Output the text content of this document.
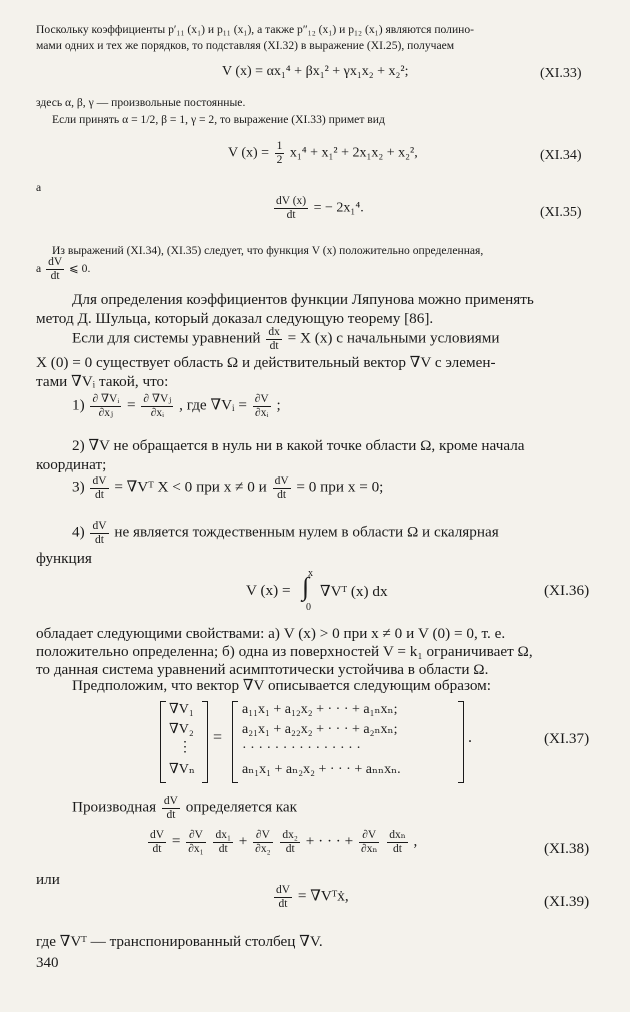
Поскольку коэффициенты p′₁₁ (x₁) и p₁₁ (x₁), а также p″₁₂ (x₁) и p₁₂ (x₁) являются полино-
мами одних и тех же порядков, то подставляя (XI.32) в выражение (XI.25), получаем
V (x) = αx₁⁴ + βx₁² + γx₁x₂ + x₂²;	(XI.33)
здесь α, β, γ — произвольные постоянные.
Если принять α = 1/2, β = 1, γ = 2, то выражение (XI.33) примет вид
V $(x) = \frac{1}{2} x_1^4 + x_1^2 + 2x_1x_2 + x_2^2$,	(XI.34)
а
$\frac{dV (x)}{dt}$ = − 2x₁⁴.	(XI.35)
Из выражений (XI.34), (XI.35) следует, что функция V (x) положительно определенная,
а $\frac{dV}{dt}$ ⩽ 0.
Для определения коэффициентов функции Ляпунова можно применять
метод Д. Шульца, который доказал следующую теорему [86].
Если для системы уравнений $\frac{dx}{dt} = X$ (x) с начальными условиями
X (0) = 0 существует область Ω и действительный вектор ∇V с элемен-
тами ∇Vᵢ такой, что:
$1) \frac{\text{∂ ∇Vᵢ}}{\text{∂xⱼ}} = \frac{\text{∂ ∇Vⱼ}}{\text{∂xᵢ}}$ , где ∇Vᵢ = $\frac{\partial V}{\text{∂xᵢ}}$ ;
2) ∇V не обращается в нуль ни в какой точке области Ω, кроме начала
координат;
$3) \frac{dV}{dt}$ = ∇Vᵀ X < 0 при x ≠ 0 и $\frac{dV}{dt} = 0$ при x = 0;
$4) \frac{dV}{dt}$ не является тождественным нулем в области Ω и скалярная
функция
V (x) =
x
∫
0
∇Vᵀ (x) dx	(XI.36)
обладает следующими свойствами: а) V (x) > 0 при x ≠ 0 и V (0) = 0, т. е.
положительно определенна; б) одна из поверхностей V = k₁ ограничивает Ω,
то данная система уравнений асимптотически устойчива в области Ω.
Предположим, что вектор ∇V описывается следующим образом:
∇V₁
∇V₂
⋮
∇Vₙ
=
a₁₁x₁ + a₁₂x₂ + · · · + a₁ₙxₙ;
a₂₁x₁ + a₂₂x₂ + · · · + a₂ₙxₙ;
· · · · · · · · · · · · · · ·
aₙ₁x₁ + aₙ₂x₂ + · · · + aₙₙxₙ.
.	(XI.37)
Производная $\frac{dV}{dt}$ определяется как
$\frac{dV}{dt} = \frac{\partial V}{\text{∂x₁}}$
$\frac{\text{dx₁}}{dt} + \frac{\partial V}{\text{∂x₂}}$
$\frac{\text{dx₂}}{dt}$ + · · · + $\frac{\partial V}{\text{∂xₙ}}$
$\frac{\text{dxₙ}}{dt}$ ,	(XI.38)
или
$\frac{dV}{dt}$ = ∇Vᵀẋ,	(XI.39)
где ∇Vᵀ — транспонированный столбец ∇V.
340
